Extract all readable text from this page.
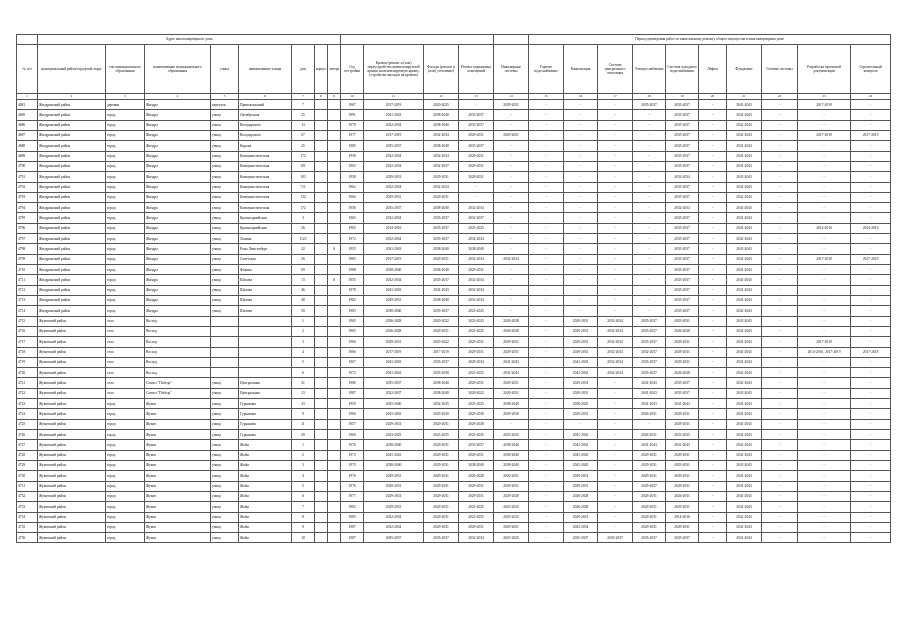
	Адрес многоквартирного дома													Период проведения работ по капитальному ремонту общего имущества в многоквартирном доме									
№ п/п	муниципальный район/городской округ	тип муниципального образования	наименование муниципального образования	улица	наименование улицы	дом	корпус	литера	Год постройки	Кровля (ремонт и (или) переустройство невентилируемой крыши на вентилируемую крышу, устройство выходов на кровлю)	Фасады (ремонт и (или) утепление)	Ремонт подвальных помещений	Инженерные системы	Горячее водоснабжение	Канализация	Система центрального отопления	Электроснабжение	Система холодного водоснабжения	Лифты	Фундамент	Газовые системы	Разработка проектной документации	Строительный контроль
1	2	3	4	5	6	7	8	9	10	11	12	13	14	15	16	17	18	19	20	21	22	23	24
4681	Жиздринский район	деревня	Жиздра	переулок	Привокзальный	7			1967	2017-2019	2020-2025	-	2029-2031	-	-	-	2035-2037	2035-2037	-	2041-2043	-	2017-2019	-
4685	Жиздринский район	город	Жиздра	улица	Октябрьская	25			1991	2041-2043	2038-2040	2035-2037	-	-	-	-	-	2035-2037	-	2041-2043	-	-	-
4686	Жиздринский район	город	Жиздра	улица	Володарского	13			1979	2032-2034	2038-2040	2035-2037	-	-	-	-	-	2035-2037	-	2041-2043	-	-	-
4687	Жиздринский район	город	Жиздра	улица	Володарского	67			1977	2017-2019	2032-2034	2029-2031	2029-2031	-	-	-	-	2035-2037	-	2041-2043	-	2017-2019	2017-2019
4688	Жиздринский район	город	Жиздра	улица	Кирова	25			1985	2035-2037	2038-2040	2035-2037	-	-	-	-	-	2035-2037	-	2041-2043	-	-	-
4689	Жиздринский район	город	Жиздра	улица	Коммунистическая	172			1958	2032-2034	2032-2034	2029-2031	-	-	-	-	-	2035-2037	-	2041-2043	-	-	-
4790	Жиздринский район	город	Жиздра	улица	Коммунистическая	101			1963	2032-2034	2032-2037	2029-2031	-	-	-	-	-	2035-2037	-	2041-2043	-	-	-
4791	Жиздринский район	город	Жиздра	улица	Коммунистическая	103			1958	2029-2031	2029-2031	2029-2031	-	-	-	-	-	2032-2034	-	2041-2043	-	-	-
4792	Жиздринский район	город	Жиздра	улица	Коммунистическая	711			1962	2032-2034	2032-2034	-	-	-	-	-	-	2035-2037	-	2041-2043	-	-	-
4793	Жиздринский район	город	Жиздра	улица	Коммунистическая	132			1966	2029-2031	2029-2031	-	-	-	-	-	-	2035-2037	-	2041-2043	-	-	-
4794	Жиздринский район	город	Жиздра	улица	Коммунистическая	172			1956	2035-2037	2038-2040	2032-2034	-	-	-	-	-	2032-2034	-	2041-2043	-	-	-
4795	Жиздринский район	город	Жиздра	улица	Красноармейская	3			1965	2032-2034	2035-2037	2032-2037	-	-	-	-	-	2035-2037	-	2041-2043	-	-	-
4796	Жиздринский район	город	Жиздра	улица	Красноармейская	26			1965	2014-2016	2035-2037	2023-2025	-	-	-	-	-	2035-2037	-	2041-2043	-	2014-2016	2014-2016
4797	Жиздринский район	город	Жиздра	улица	Ленина	1123			1972	2032-2034	2035-2037	2032-2034	-	-	-	-	-	2035-2037	-	2041-2043	-	-	-
4798	Жиздринский район	город	Жиздра	улица	Розы Люксембург	22		А	1955	2041-2043	2038-2040	2038-2040	-	-	-	-	-	2035-2037	-	2041-2043	-	-	-
4799	Жиздринский район	город	Жиздра	улица	Советская	26			1985	2017-2019	2029-2031	2032-2034	2032-2034	-	-	-	-	2035-2037	-	2041-2043	-	2017-2019	2017-2019
4710	Жиздринский район	город	Жиздра	улица	Фокина	69			1988	2038-2040	2038-2040	2029-2031	-	-	-	-	-	2035-2037	-	2041-2043	-	-	-
4711	Жиздринский район	город	Жиздра	улица	Шахова	13		А	1955	2032-2034	2035-2037	2032-2034	-	-	-	-	-	2035-2037	-	2041-2043	-	-	-
4712	Жиздринский район	город	Жиздра	улица	Шахова	46			1978	2041-2043	2041-2043	2032-2034	-	-	-	-	-	2035-2037	-	2041-2043	-	-	-
4713	Жиздринский район	город	Жиздра	улица	Шахова	48			1982	2029-2031	2038-2040	2032-2034	-	-	-	-	-	2035-2037	-	2041-2043	-	-	-
4714	Жиздринский район	город	Жиздра	улица	Шахова	50			1983	2038-2040	2035-2037	2023-2025	-	-	-	-	-	2035-2037	-	2041-2043	-	-	-
4715	Жуковский район	село	Восход			1			1965	2026-2028	2020-2022	2023-2025	2026-2028	-	2029-2031	2032-2034	2035-2037	2029-2031	-	2041-2043	-	-	-
4716	Жуковский район	село	Восход			2			1965	2026-2028	2029-2031	2023-2025	2026-2028	-	2029-2031	2032-2034	2035-2037	2026-2028	-	2041-2043	-	-	-
4717	Жуковский район	село	Восход			3			1966	2029-2031	2020-2022	2029-2031	2029-2031	-	2029-2031	2032-2034	2035-2037	2029-2031	-	2041-2043	-	2017-2019	-
4718	Жуковский район	село	Восход			4			1966	2017-2019	2017-2019	2029-2031	2029-2031	-	2029-2031	2032-2034	2032-2037	2029-2031	-	2041-2043	-	2014-2016, 2017-2019	2017-2018
4719	Жуковский район	село	Восход			5			1967	2041-2043	2035-2037	2029-2034	2041-2043	-	2041-2043	2032-2034	2035-2037	2029-2031	-	2041-2043	-	-	-
4720	Жуковский район	село	Восход			6			1972	2041-2043	2035-2038	2023-2025	2041-2043	-	2041-2043	2032-2034	2035-2037	2026-2028	-	2041-2043	-	-	-
4721	Жуковский район	село	Совхоз "Победа"	улица	Центральная	21			1986	2035-2037	2038-2040	2029-2031	2029-2031	-	2029-2031	-	2041-2043	2035-2037	-	2041-2043	-	-	-
4722	Жуковский район	село	Совхоз "Победа"	улица	Центральная	23			1987	2032-2037	2038-2040	2020-2022	2020-2031	-	2029-2031	-	2041-2043	2035-2037	-	2041-2043	-	-	-
4723	Жуковский район	город	Жуков	улица	Гурьянова	33			1959	2035-2040	2032-2025	2023-2025	2038-2040	-	2038-2043	-	2041-2043	2041-2043	-	2041-2043	-	-	-
4724	Жуковский район	город	Жуков	улица	Гурьянова	9			1966	2041-2043	2029-2030	2029-2030	2029-2030	-	2029-2031	-	2026-2031	2029-2031	-	2041-2043	-	-	-
4725	Жуковский район	город	Жуков	улица	Гурьянова	11			1957	2029-2031	2020-2031	2026-2028	-	-	-	-	-	2029-2031	-	2041-2043	-	-	-
4726	Жуковский район	город	Жуков	улица	Гурьянова	29			1960	2023-2025	2023-2025	2023-2025	2023-2025	-	2041-2043	-	2026-2031	2023-2025	-	2041-2043	-	-	-
4727	Жуковский район	город	Жуков	улица	Жабы	1			1976	2038-2040	2029-2031	2035-2037	2038-2040	-	2041-2043	-	2041-2043	2041-2043	-	2041-2043	-	-	-
4728	Жуковский район	город	Жуков	улица	Жабы	2			1973	2041-2043	2029-2031	2029-2031	2038-2040	-	2041-2043	-	2029-2031	2029-2031	-	2041-2043	-	-	-
4729	Жуковский район	город	Жуков	улица	Жабы	3			1975	2038-2040	2029-2031	2038-2040	2038-2040	-	2041-2043	-	2029-2031	2029-2031	-	2041-2043	-	-	-
4730	Жуковский район	город	Жуков	улица	Жабы	4			1976	2029-2031	2029-2031	2026-2028	2020-2031	-	2029-2031	-	2029-2031	2029-2031	-	2041-2043	-	-	-
4731	Жуковский район	город	Жуков	улица	Жабы	5			1976	2029-2031	2029-2031	2029-2031	2029-2031	-	2029-2031	-	2029-2037	2029-2031	-	2041-2043	-	-	-
4732	Жуковский район	город	Жуков	улица	Жабы	6			1977	2029-2031	2029-2031	2029-2031	2029-2028	-	2026-2028	-	2026-2031	2026-2031	-	2041-2043	-	-	-
4733	Жуковский район	город	Жуков	улица	Жабы	7			1982	2029-2031	2029-2031	2023-2025	2023-2025	-	2026-2028	-	2029-2031	2029-2031	-	2041-2043	-	-	-
4734	Жуковский район	город	Жуков	улица	Жабы	8			1985	2032-2034	2029-2031	2023-2025	2023-2025	-	2029-2031	-	2029-2031	2014-2016	-	2041-2043	-	-	-
4735	Жуковский район	город	Жуков	улица	Жабы	9			1987	2032-2034	2029-2031	2029-2031	2029-2031	-	2032-2034	-	2029-2031	2029-2031	-	2041-2043	-	-	-
4736	Жуковский район	город	Жуков	улица	Жабы	10			1987	2035-2037	2035-2037	2032-2034	2023-2025	-	2035-2037	2035-2037	2035-2037	2035-2037	-	2041-2043	-	-	-
